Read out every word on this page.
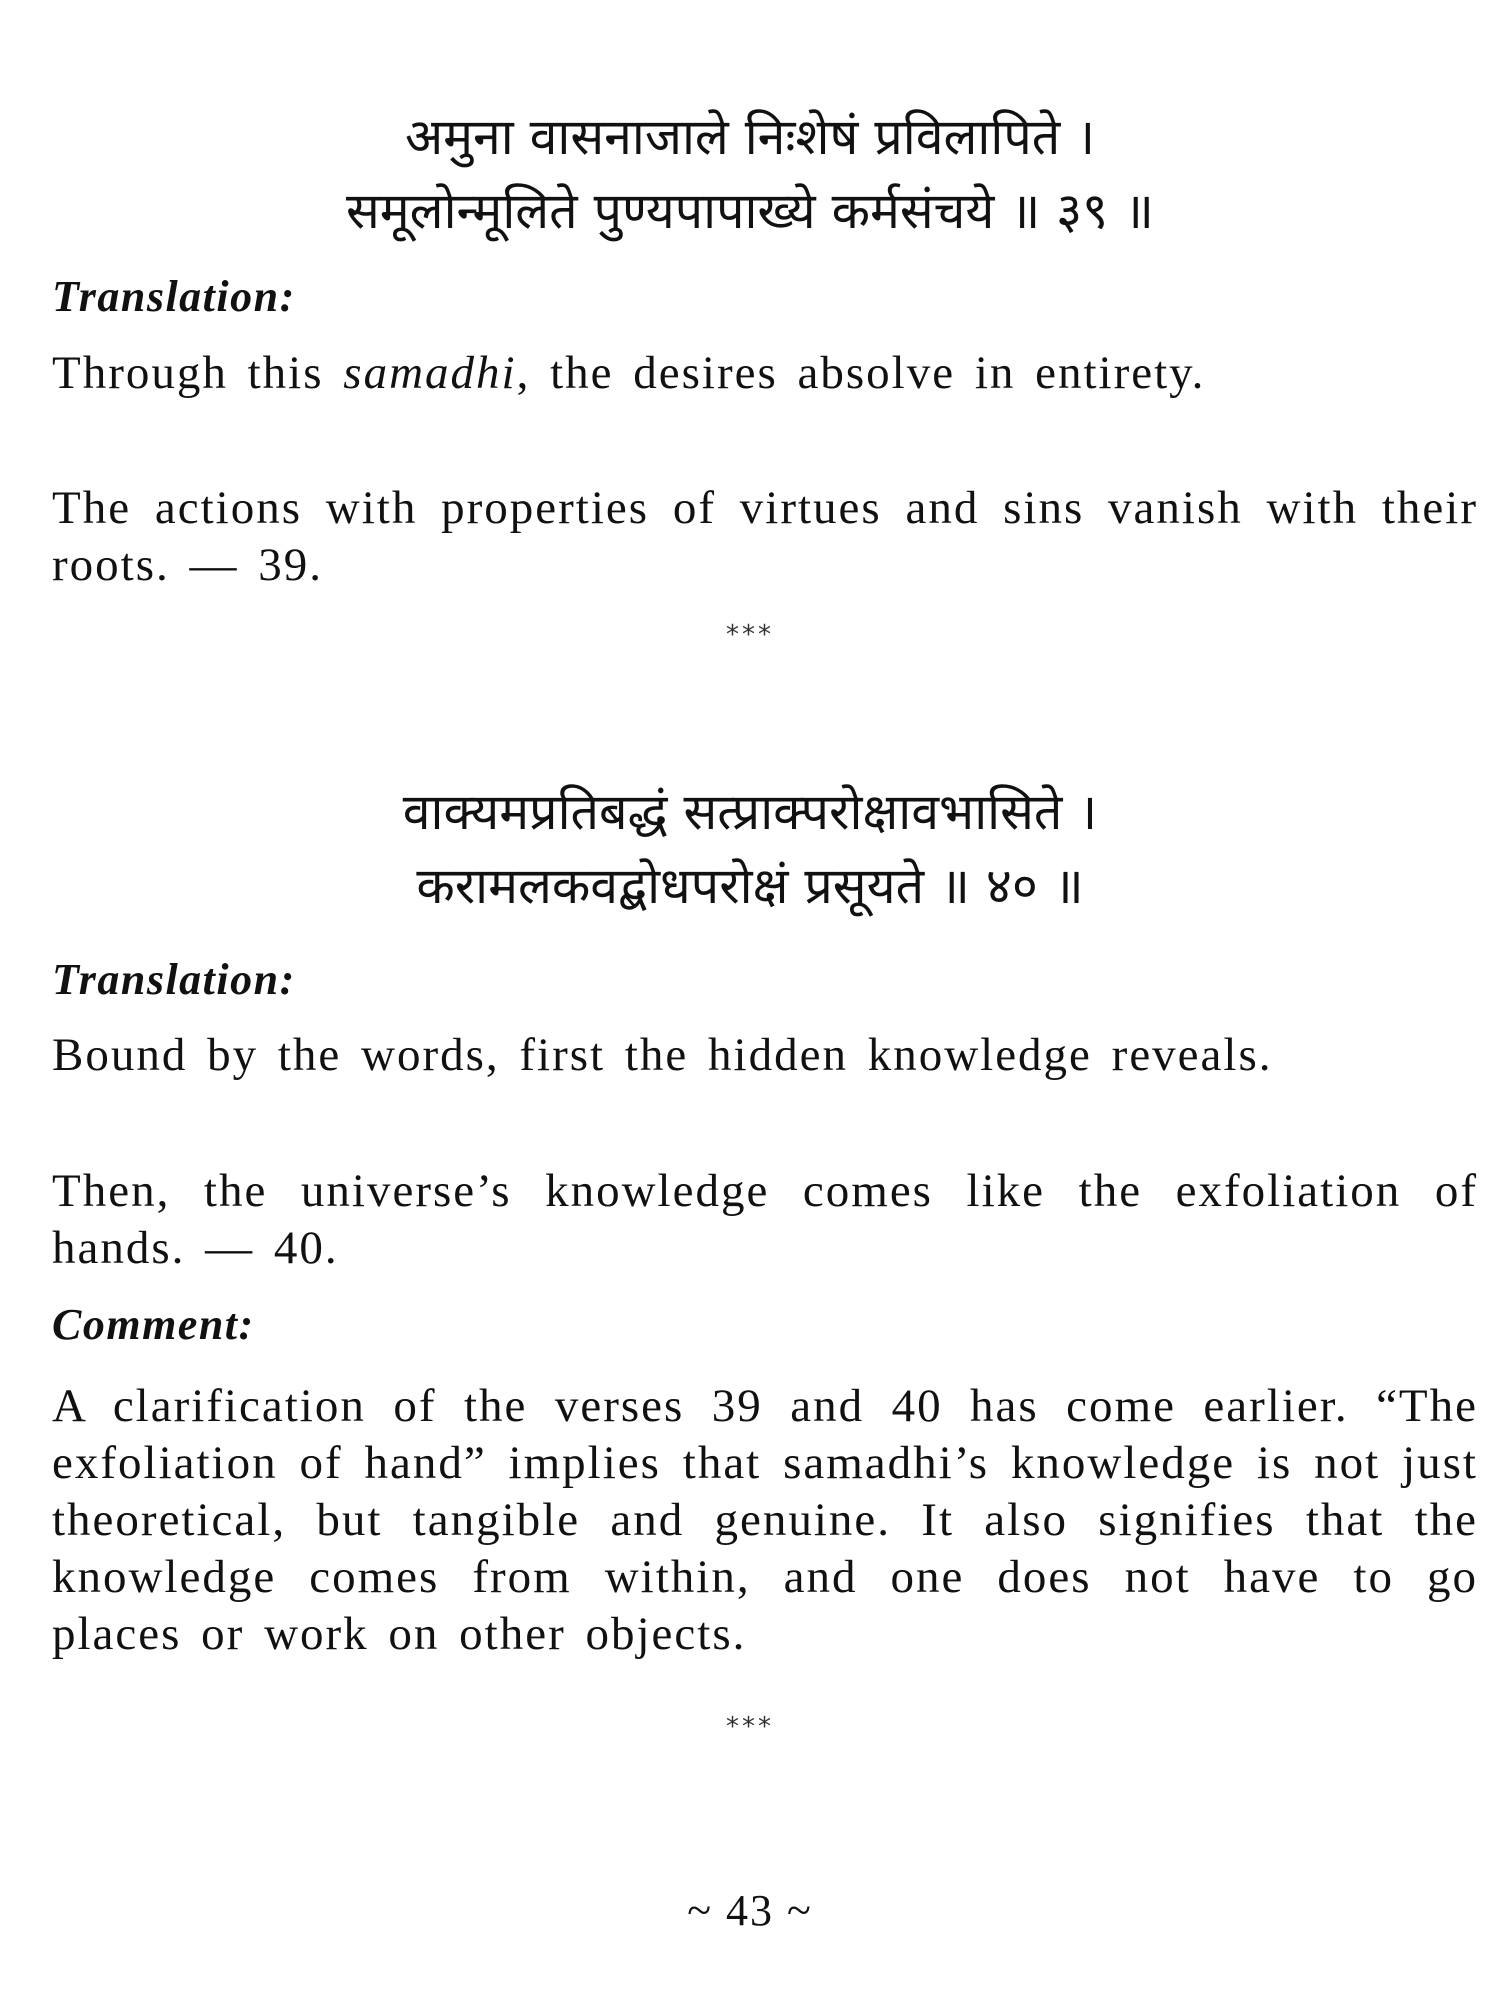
अमुना वासनाजाले निःशेषं प्रविलापिते ।
समूलोन्मूलिते पुण्यपापाख्ये कर्मसंचये ॥ ३९ ॥
Translation:
Through this samadhi, the desires absolve in entirety.
The actions with properties of virtues and sins vanish with their roots. — 39.
***
वाक्यमप्रतिबद्धं सत्प्राक्परोक्षावभासिते ।
करामलकवद्बोधपरोक्षं प्रसूयते ॥ ४० ॥
Translation:
Bound by the words, first the hidden knowledge reveals.
Then, the universe’s knowledge comes like the exfoliation of hands. — 40.
Comment:
A clarification of the verses 39 and 40 has come earlier. “The exfoliation of hand” implies that samadhi’s knowledge is not just theoretical, but tangible and genuine. It also signifies that the knowledge comes from within, and one does not have to go places or work on other objects.
***
~ 43 ~
